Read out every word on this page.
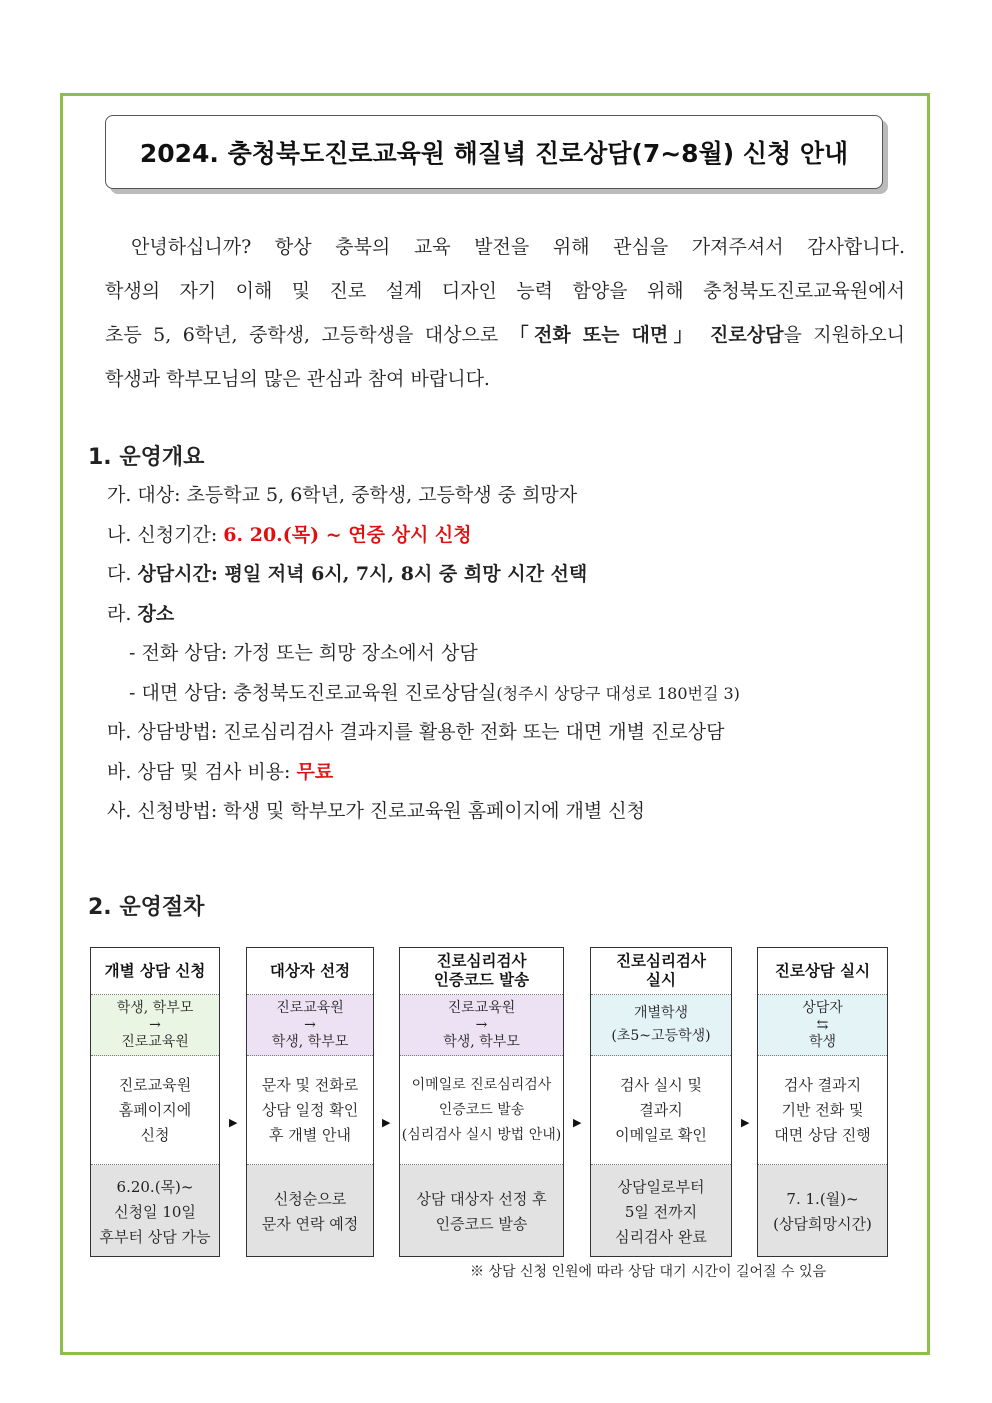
2024. 충청북도진로교육원 해질녘 진로상담(7~8월) 신청 안내

안녕하십니까? 항상 충북의 교육 발전을 위해 관심을 가져주셔서 감사합니다.

학생의 자기 이해 및 진로 설계 디자인 능력 함양을 위해 충청북도진로교육원에서

초등 5, 6학년, 중학생, 고등학생을 대상으로 「전화 또는 대면」 진로상담을 지원하오니

학생과 학부모님의 많은 관심과 참여 바랍니다.

1. 운영개요
가. 대상: 초등학교 5, 6학년, 중학생, 고등학생 중 희망자
나. 신청기간: 6. 20.(목) ~ 연중 상시 신청
다. 상담시간: 평일 저녁 6시, 7시, 8시 중 희망 시간 선택
라. 장소
- 전화 상담: 가정 또는 희망 장소에서 상담
- 대면 상담: 충청북도진로교육원 진로상담실(청주시 상당구 대성로 180번길 3)
마. 상담방법: 진로심리검사 결과지를 활용한 전화 또는 대면 개별 진로상담
바. 상담 및 검사 비용: 무료
사. 신청방법: 학생 및 학부모가 진로교육원 홈페이지에 개별 신청
2. 운영절차
개별 상담 신청
학생, 학부모
→
진로교육원
진로교육원
홈페이지에
신청
6.20.(목)~
신청일 10일
후부터 상담 가능
▶
대상자 선정
진로교육원
→
학생, 학부모
문자 및 전화로
상담 일정 확인
후 개별 안내
신청순으로
문자 연락 예정
▶
진로심리검사
인증코드 발송
진로교육원
→
학생, 학부모
이메일로 진로심리검사
인증코드 발송
(심리검사 실시 방법 안내)
상담 대상자 선정 후
인증코드 발송
▶
진로심리검사
실시
개별학생
(초5~고등학생)
검사 실시 및
결과지
이메일로 확인
상담일로부터
5일 전까지
심리검사 완료
▶
진로상담 실시
상담자
⇆
학생
검사 결과지
기반 전화 및
대면 상담 진행
7. 1.(월)~
(상담희망시간)
※ 상담 신청 인원에 따라 상담 대기 시간이 길어질 수 있음
